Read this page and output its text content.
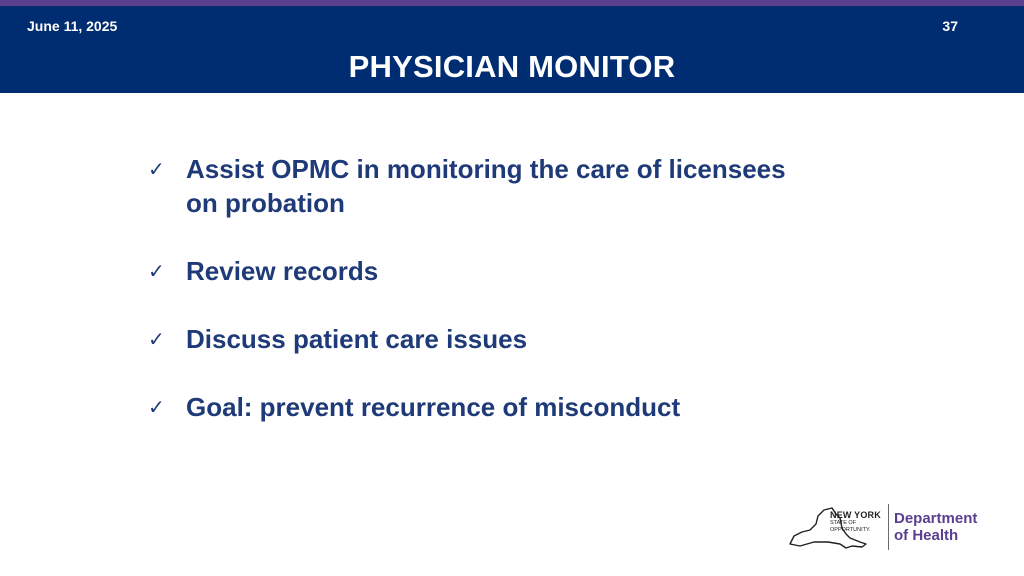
June 11, 2025	37
PHYSICIAN MONITOR
✓ Assist OPMC in monitoring the care of licensees
on probation
✓ Review records
✓ Discuss patient care issues
✓ Goal: prevent recurrence of misconduct
NEW YORK
STATE OF
OPPORTUNITY.
Department
of Health
